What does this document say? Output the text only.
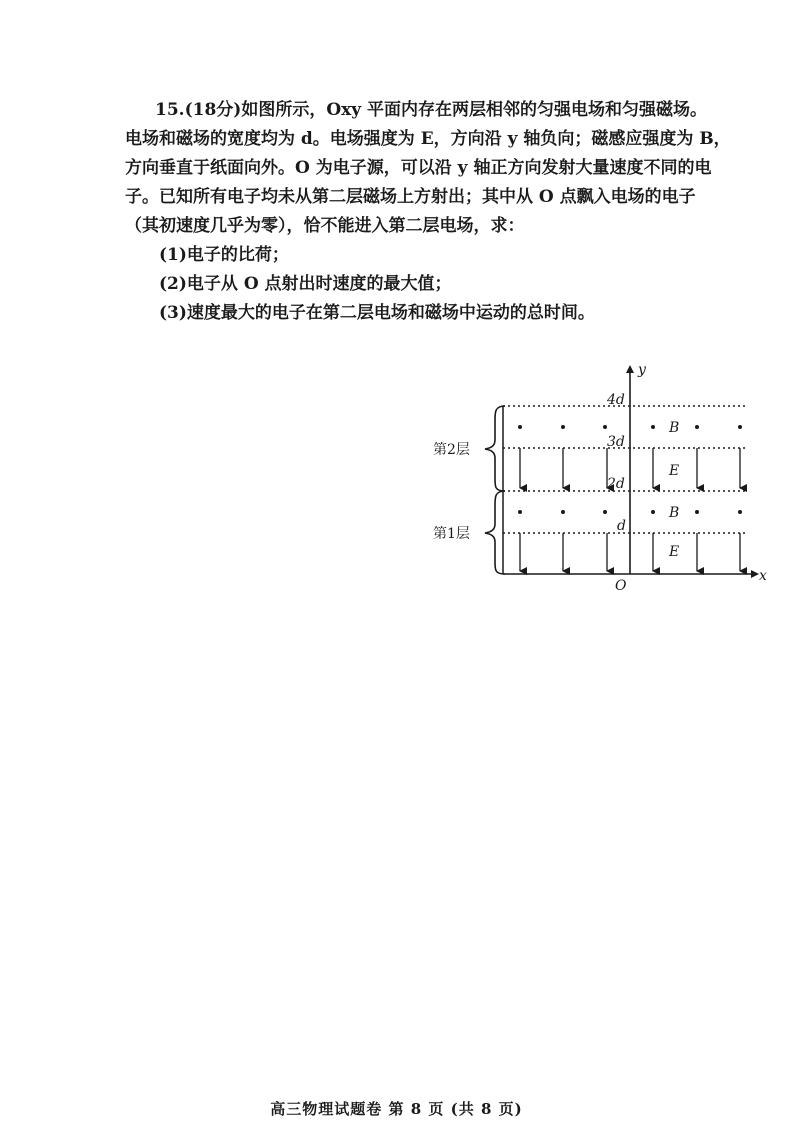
15.(18分)如图所示，Oxy 平面内存在两层相邻的匀强电场和匀强磁场。

电场和磁场的宽度均为 d。电场强度为 E，方向沿 y 轴负向；磁感应强度为 B，

方向垂直于纸面向外。O 为电子源，可以沿 y 轴正方向发射大量速度不同的电

子。已知所有电子均未从第二层磁场上方射出；其中从 O 点飘入电场的电子

（其初速度几乎为零），恰不能进入第二层电场，求：

(1)电子的比荷；

(2)电子从 O 点射出时速度的最大值；

(3)速度最大的电子在第二层电场和磁场中运动的总时间。

第2层
第1层
4d
3d
2d
d
B
E
B
E
y
x
O
高三物理试题卷 第 8 页 (共 8 页)
